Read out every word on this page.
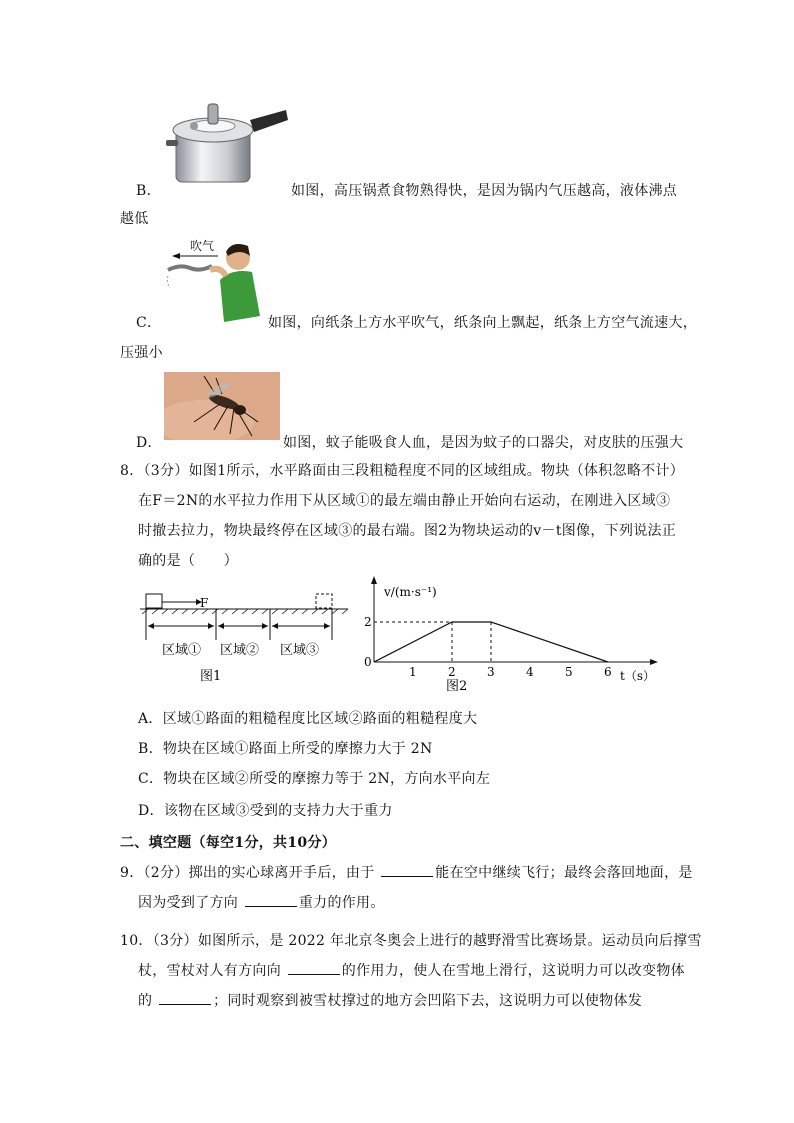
B．	如图，高压锅煮食物熟得快，是因为锅内气压越高，液体沸点
越低
吹气
C．	如图，向纸条上方水平吹气，纸条向上飘起，纸条上方空气流速大，
压强小
D．	如图，蚊子能吸食人血，是因为蚊子的口器尖，对皮肤的压强大
8．（3分）如图1所示，水平路面由三段粗糙程度不同的区域组成。物块（体积忽略不计）
在F＝2N的水平拉力作用下从区域①的最左端由静止开始向右运动，在刚进入区域③
时撤去拉力，物块最终停在区域③的最右端。图2为物块运动的v－t图像，下列说法正
确的是（　　）
F
区域① 区域② 区域③
图1
v/(m·s⁻¹)
t（s）
0
2
1	2	3	4	5	6
图2
A．区域①路面的粗糙程度比区域②路面的粗糙程度大
B．物块在区域①路面上所受的摩擦力大于 2N
C．物块在区域②所受的摩擦力等于 2N，方向水平向左
D．该物在区域③受到的支持力大于重力
二、填空题（每空1分，共10分）
9．（2分）掷出的实心球离开手后，由于	能在空中继续飞行；最终会落回地面，是
因为受到了方向	重力的作用。
10．（3分）如图所示，是 2022 年北京冬奥会上进行的越野滑雪比赛场景。运动员向后撑雪
杖，雪杖对人有方向向	的作用力，使人在雪地上滑行，这说明力可以改变物体
的	；同时观察到被雪杖撑过的地方会凹陷下去，这说明力可以使物体发
